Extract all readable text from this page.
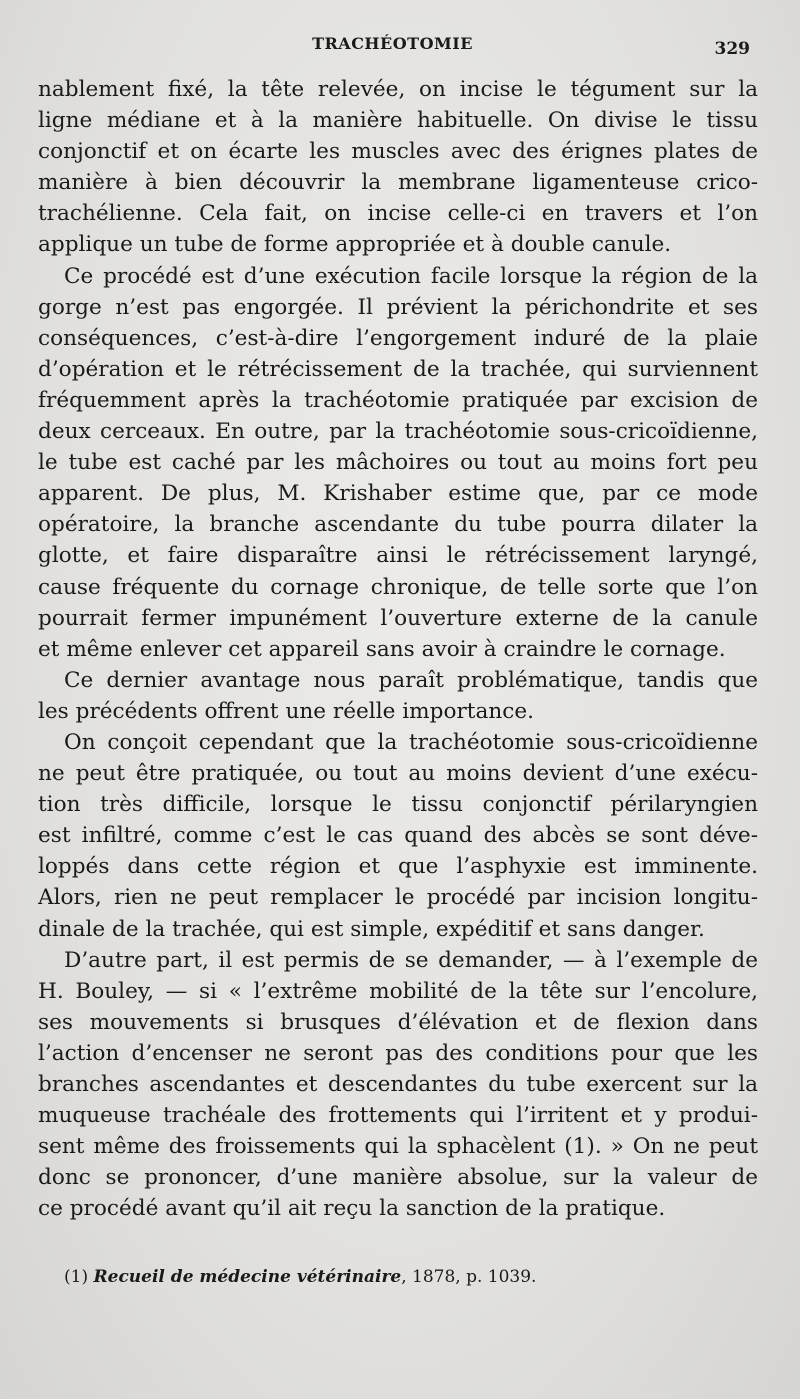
TRACHÉOTOMIE	329
nablement fixé, la tête relevée, on incise le tégument sur la
ligne médiane et à la manière habituelle. On divise le tissu
conjonctif et on écarte les muscles avec des érignes plates de
manière à bien découvrir la membrane ligamenteuse crico-
trachélienne. Cela fait, on incise celle-ci en travers et l’on
applique un tube de forme appropriée et à double canule.
Ce procédé est d’une exécution facile lorsque la région de la
gorge n’est pas engorgée. Il prévient la périchondrite et ses
conséquences, c’est-à-dire l’engorgement induré de la plaie
d’opération et le rétrécissement de la trachée, qui surviennent
fréquemment après la trachéotomie pratiquée par excision de
deux cerceaux. En outre, par la trachéotomie sous-cricoïdienne,
le tube est caché par les mâchoires ou tout au moins fort peu
apparent. De plus, M. Krishaber estime que, par ce mode
opératoire, la branche ascendante du tube pourra dilater la
glotte, et faire disparaître ainsi le rétrécissement laryngé,
cause fréquente du cornage chronique, de telle sorte que l’on
pourrait fermer impunément l’ouverture externe de la canule
et même enlever cet appareil sans avoir à craindre le cornage.
Ce dernier avantage nous paraît problématique, tandis que
les précédents offrent une réelle importance.
On conçoit cependant que la trachéotomie sous-cricoïdienne
ne peut être pratiquée, ou tout au moins devient d’une exécu-
tion très difficile, lorsque le tissu conjonctif périlaryngien
est infiltré, comme c’est le cas quand des abcès se sont déve-
loppés dans cette région et que l’asphyxie est imminente.
Alors, rien ne peut remplacer le procédé par incision longitu-
dinale de la trachée, qui est simple, expéditif et sans danger.
D’autre part, il est permis de se demander, — à l’exemple de
H. Bouley, — si « l’extrême mobilité de la tête sur l’encolure,
ses mouvements si brusques d’élévation et de flexion dans
l’action d’encenser ne seront pas des conditions pour que les
branches ascendantes et descendantes du tube exercent sur la
muqueuse trachéale des frottements qui l’irritent et y produi-
sent même des froissements qui la sphacèlent (1). » On ne peut
donc se prononcer, d’une manière absolue, sur la valeur de
ce procédé avant qu’il ait reçu la sanction de la pratique.
(1) Recueil de médecine vétérinaire, 1878, p. 1039.
